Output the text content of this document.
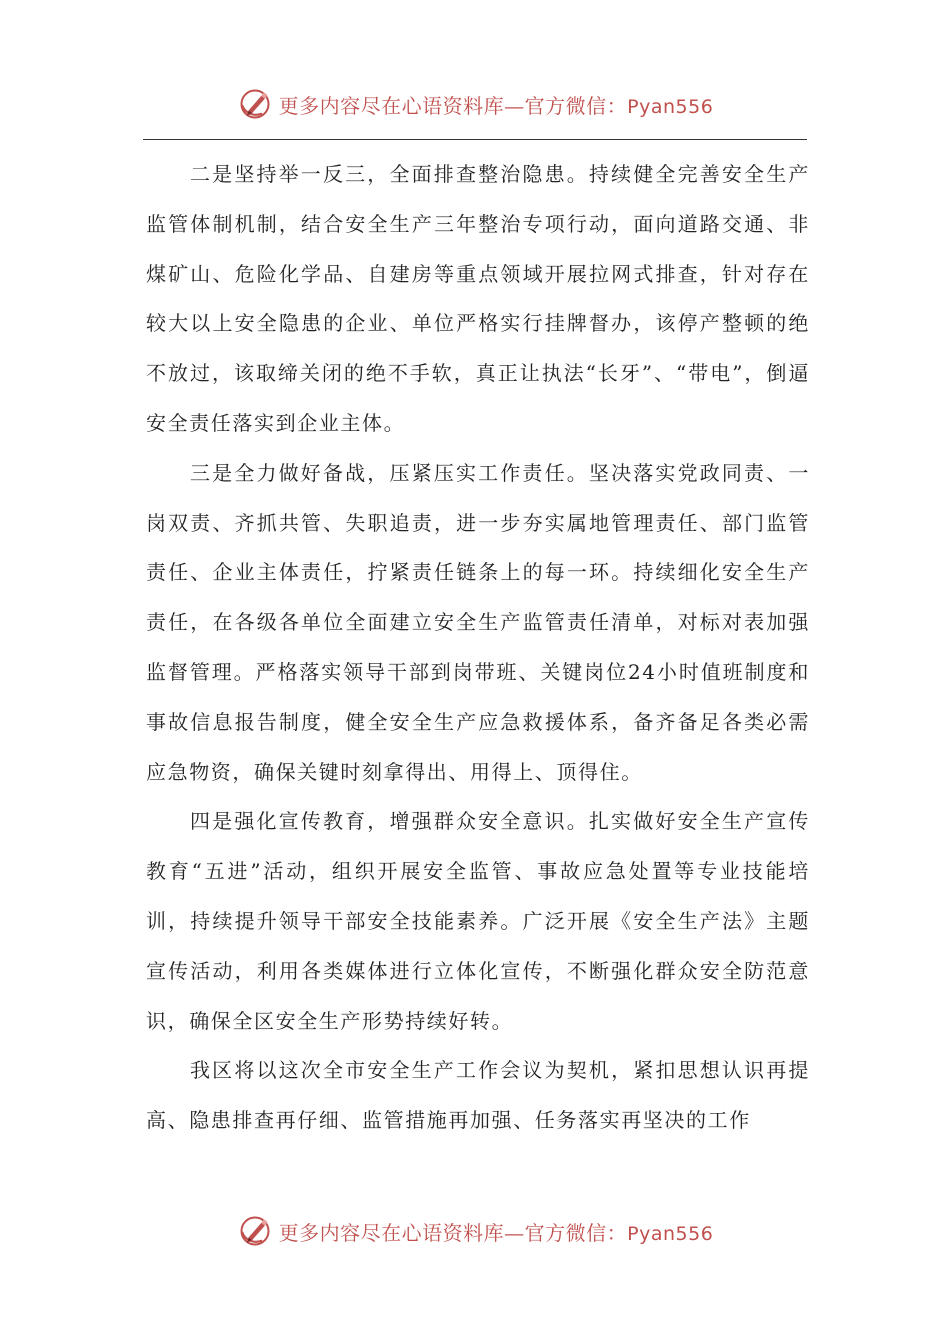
更多内容尽在心语资料库—官方微信：Pyan556

二是坚持举一反三，全面排查整治隐患。持续健全完善安全生产监管体制机制，结合安全生产三年整治专项行动，面向道路交通、非煤矿山、危险化学品、自建房等重点领域开展拉网式排查，针对存在较大以上安全隐患的企业、单位严格实行挂牌督办，该停产整顿的绝不放过，该取缔关闭的绝不手软，真正让执法“长牙”、“带电”，倒逼安全责任落实到企业主体。

三是全力做好备战，压紧压实工作责任。坚决落实党政同责、一岗双责、齐抓共管、失职追责，进一步夯实属地管理责任、部门监管责任、企业主体责任，拧紧责任链条上的每一环。持续细化安全生产责任，在各级各单位全面建立安全生产监管责任清单，对标对表加强监督管理。严格落实领导干部到岗带班、关键岗位24小时值班制度和事故信息报告制度，健全安全生产应急救援体系，备齐备足各类必需应急物资，确保关键时刻拿得出、用得上、顶得住。

四是强化宣传教育，增强群众安全意识。扎实做好安全生产宣传教育“五进”活动，组织开展安全监管、事故应急处置等专业技能培训，持续提升领导干部安全技能素养。广泛开展《安全生产法》主题宣传活动，利用各类媒体进行立体化宣传，不断强化群众安全防范意识，确保全区安全生产形势持续好转。

我区将以这次全市安全生产工作会议为契机，紧扣思想认识再提高、隐患排查再仔细、监管措施再加强、任务落实再坚决的工作

更多内容尽在心语资料库—官方微信：Pyan556
